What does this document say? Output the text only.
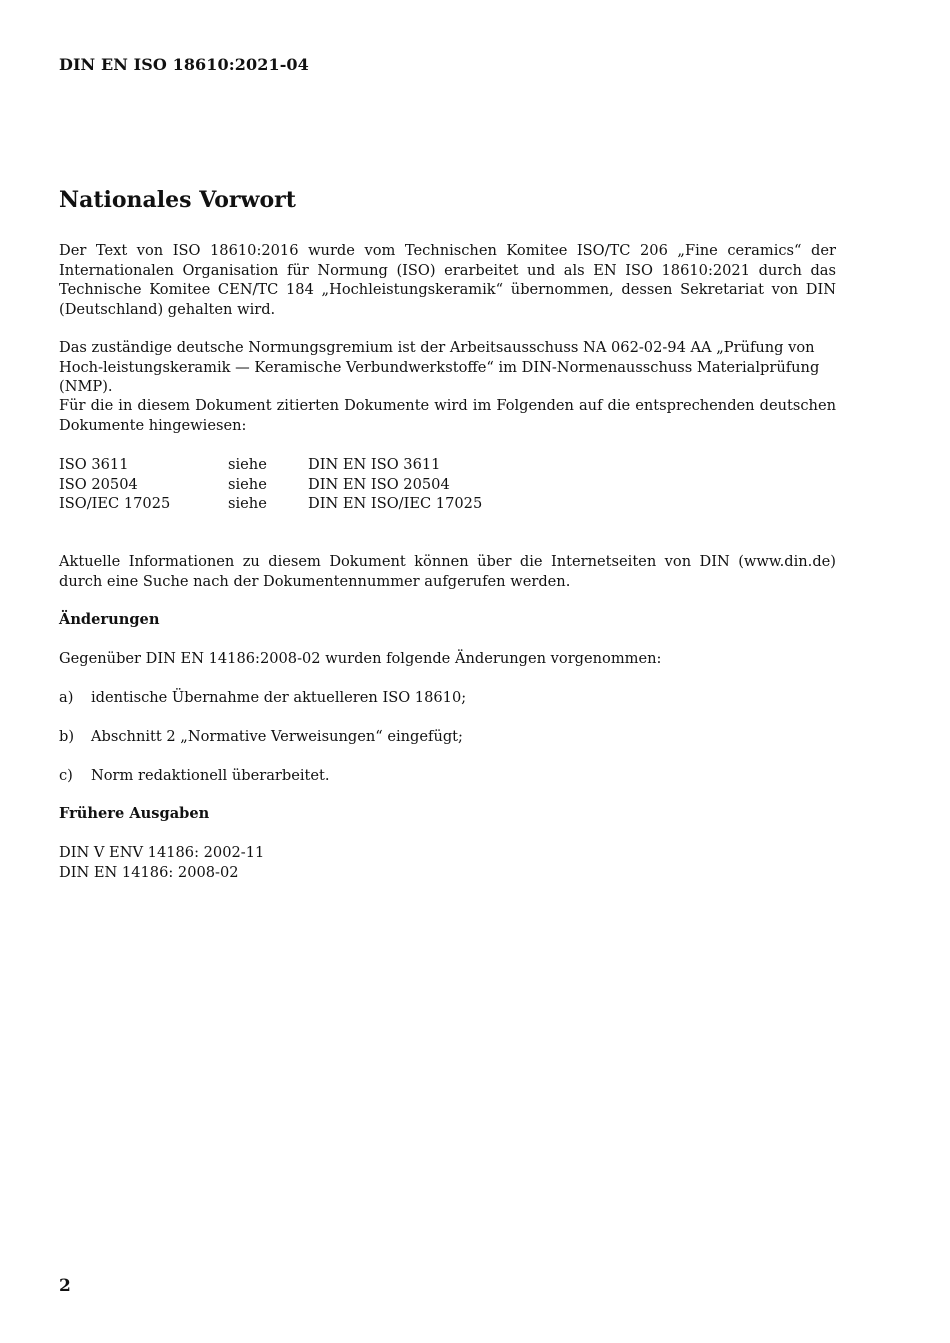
DIN EN ISO 18610:2021-04
Nationales Vorwort

Der Text von ISO 18610:2016 wurde vom Technischen Komitee ISO/TC 206 „Fine ceramics“ der Internationalen Organisation für Normung (ISO) erarbeitet und als EN ISO 18610:2021 durch das Technische Komitee CEN/TC 184 „Hochleistungskeramik“ übernommen, dessen Sekretariat von DIN (Deutschland) gehalten wird.

Das zuständige deutsche Normungsgremium ist der Arbeitsausschuss NA 062-02-94 AA „Prüfung von Hoch-leistungskeramik — Keramische Verbundwerkstoffe“ im DIN-Normenausschuss Materialprüfung (NMP).

Für die in diesem Dokument zitierten Dokumente wird im Folgenden auf die entsprechenden deutschen Dokumente hingewiesen:

ISO 3611	siehe	DIN EN ISO 3611
ISO 20504	siehe	DIN EN ISO 20504
ISO/IEC 17025	siehe	DIN EN ISO/IEC 17025

Aktuelle Informationen zu diesem Dokument können über die Internetseiten von DIN (www.din.de) durch eine Suche nach der Dokumentennummer aufgerufen werden.

Änderungen

Gegenüber DIN EN 14186:2008-02 wurden folgende Änderungen vorgenommen:

a) identische Übernahme der aktuelleren ISO 18610;
b) Abschnitt 2 „Normative Verweisungen“ eingefügt;
c) Norm redaktionell überarbeitet.
Frühere Ausgaben
DIN V ENV 14186: 2002-11
DIN EN 14186: 2008-02
2
